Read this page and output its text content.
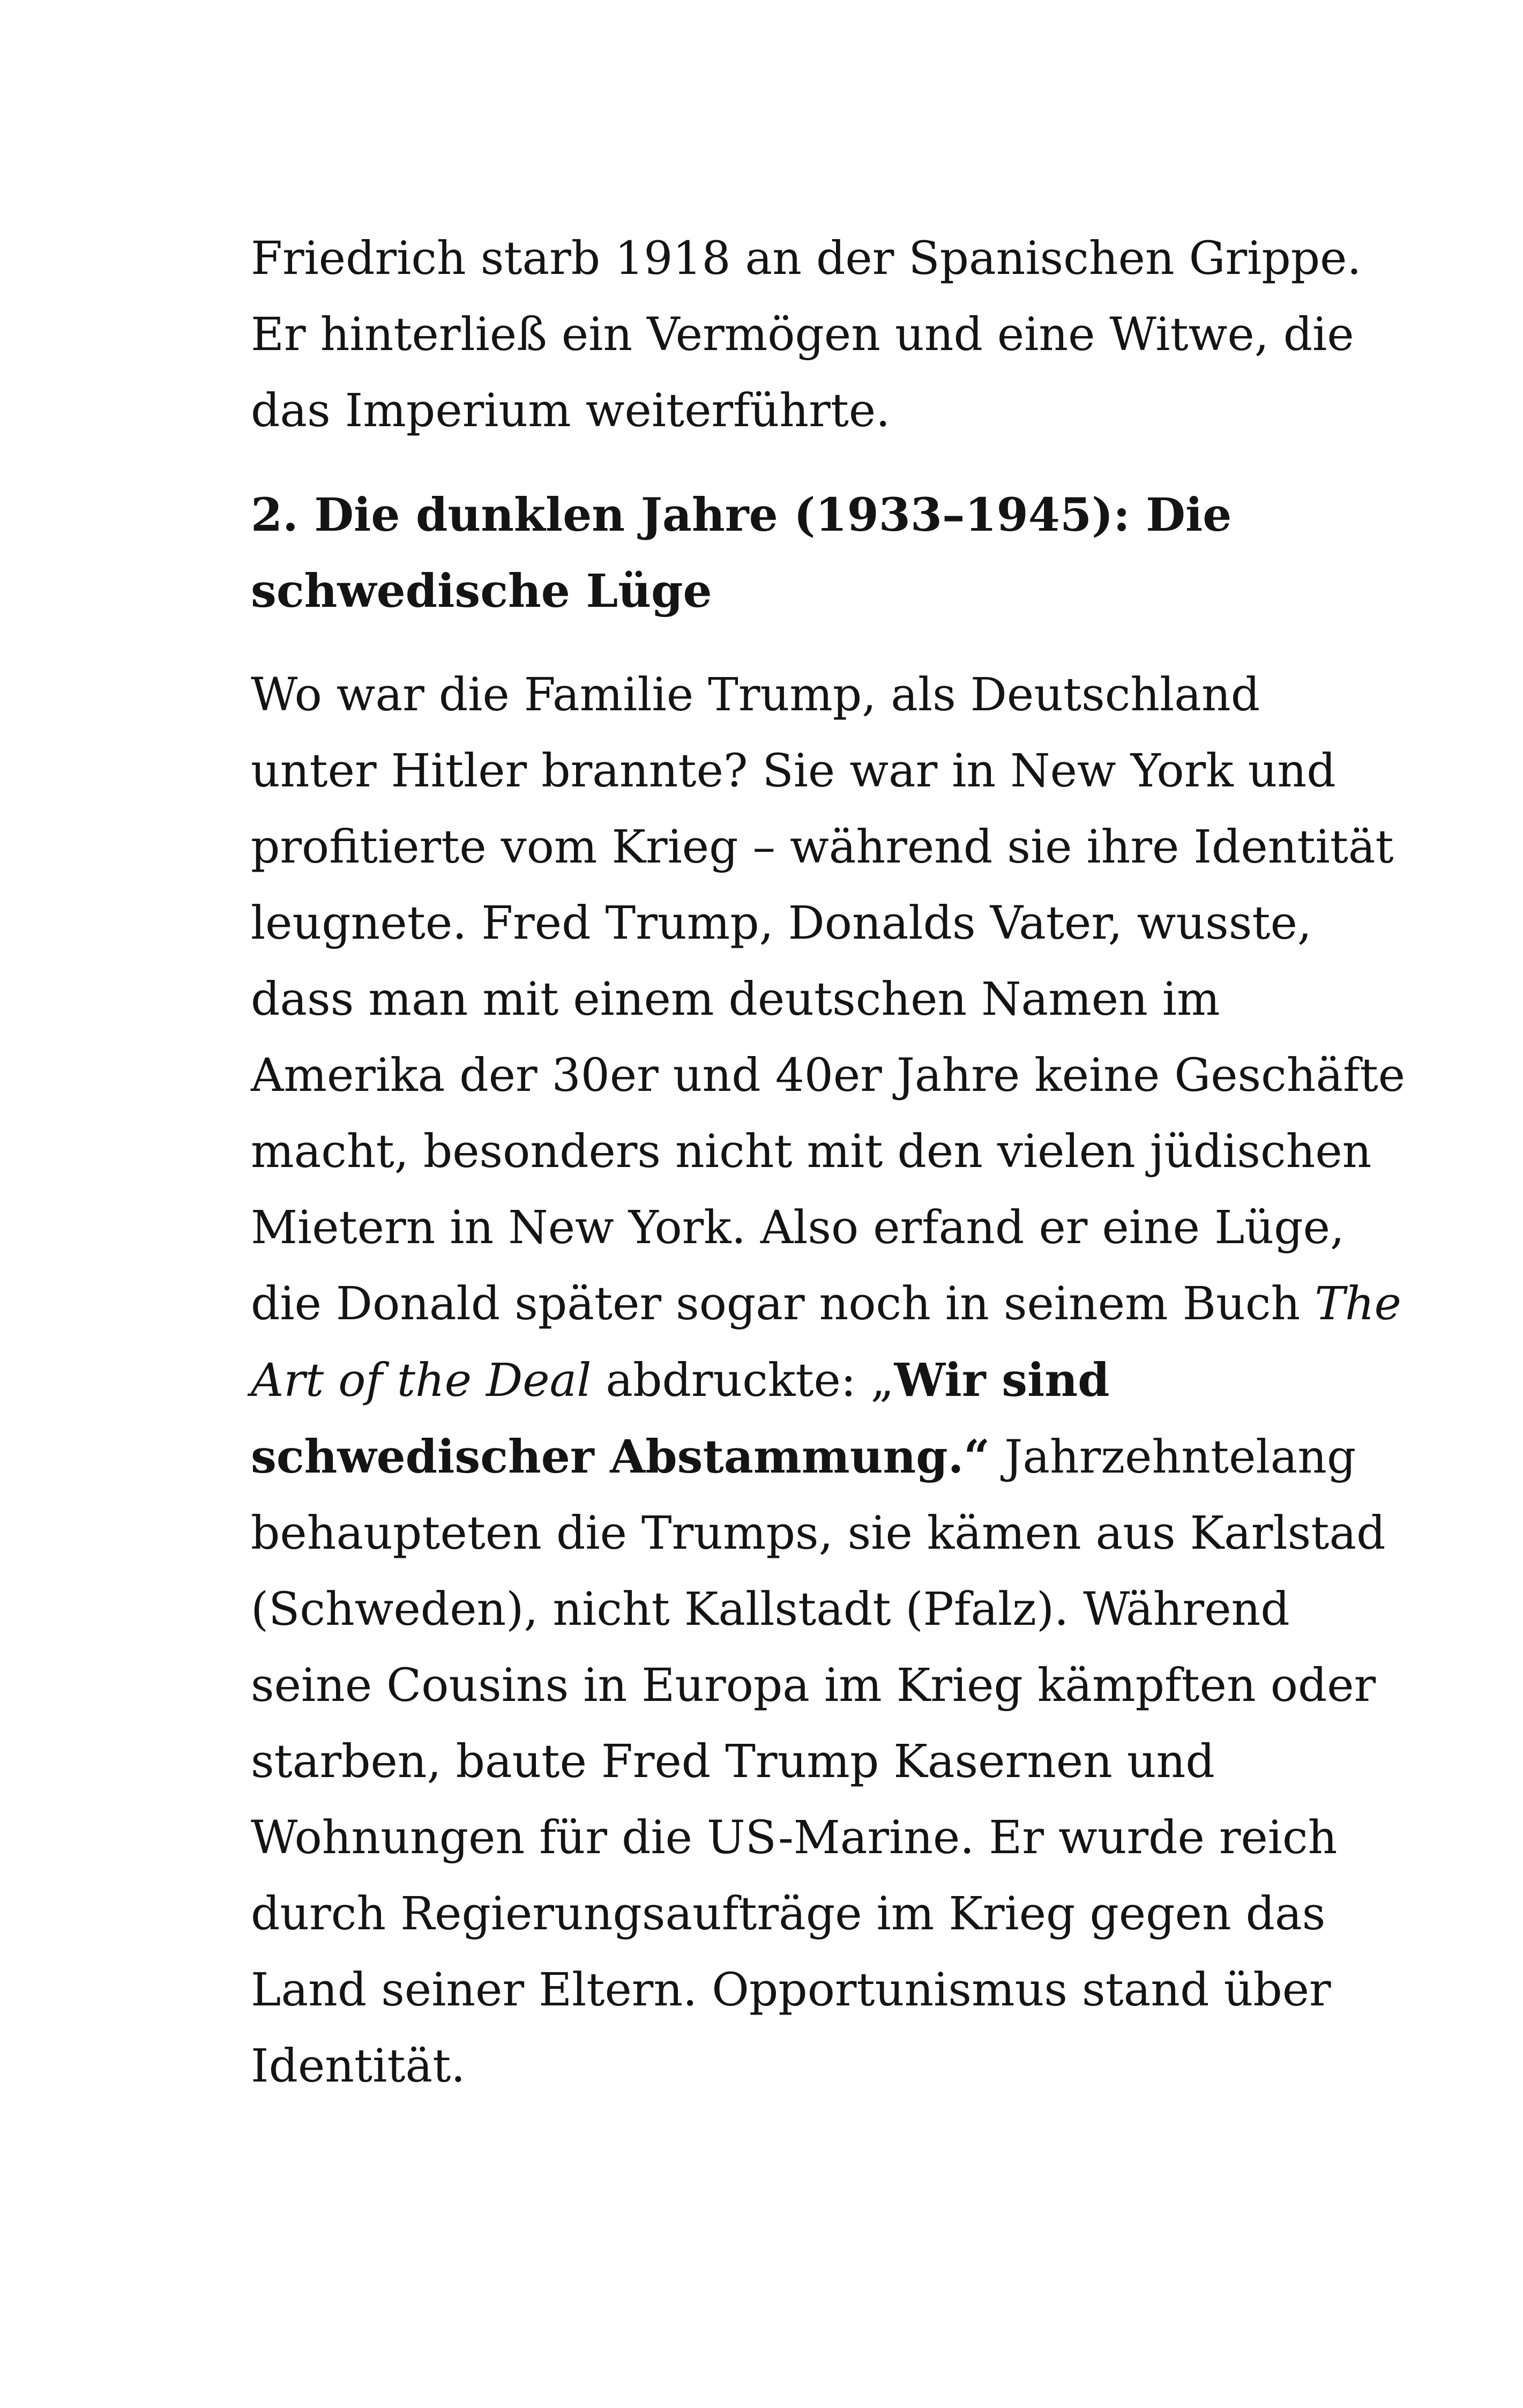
Friedrich starb 1918 an der Spanischen Grippe.
Er hinterließ ein Vermögen und eine Witwe, die
das Imperium weiterführte.
2. Die dunklen Jahre (1933–1945): Die
schwedische Lüge
Wo war die Familie Trump, als Deutschland
unter Hitler brannte? Sie war in New York und
profitierte vom Krieg – während sie ihre Identität
leugnete. Fred Trump, Donalds Vater, wusste,
dass man mit einem deutschen Namen im
Amerika der 30er und 40er Jahre keine Geschäfte
macht, besonders nicht mit den vielen jüdischen
Mietern in New York. Also erfand er eine Lüge,
die Donald später sogar noch in seinem Buch The
Art of the Deal abdruckte: „Wir sind
schwedischer Abstammung.“ Jahrzehntelang
behaupteten die Trumps, sie kämen aus Karlstad
(Schweden), nicht Kallstadt (Pfalz). Während
seine Cousins in Europa im Krieg kämpften oder
starben, baute Fred Trump Kasernen und
Wohnungen für die US-Marine. Er wurde reich
durch Regierungsaufträge im Krieg gegen das
Land seiner Eltern. Opportunismus stand über
Identität.
